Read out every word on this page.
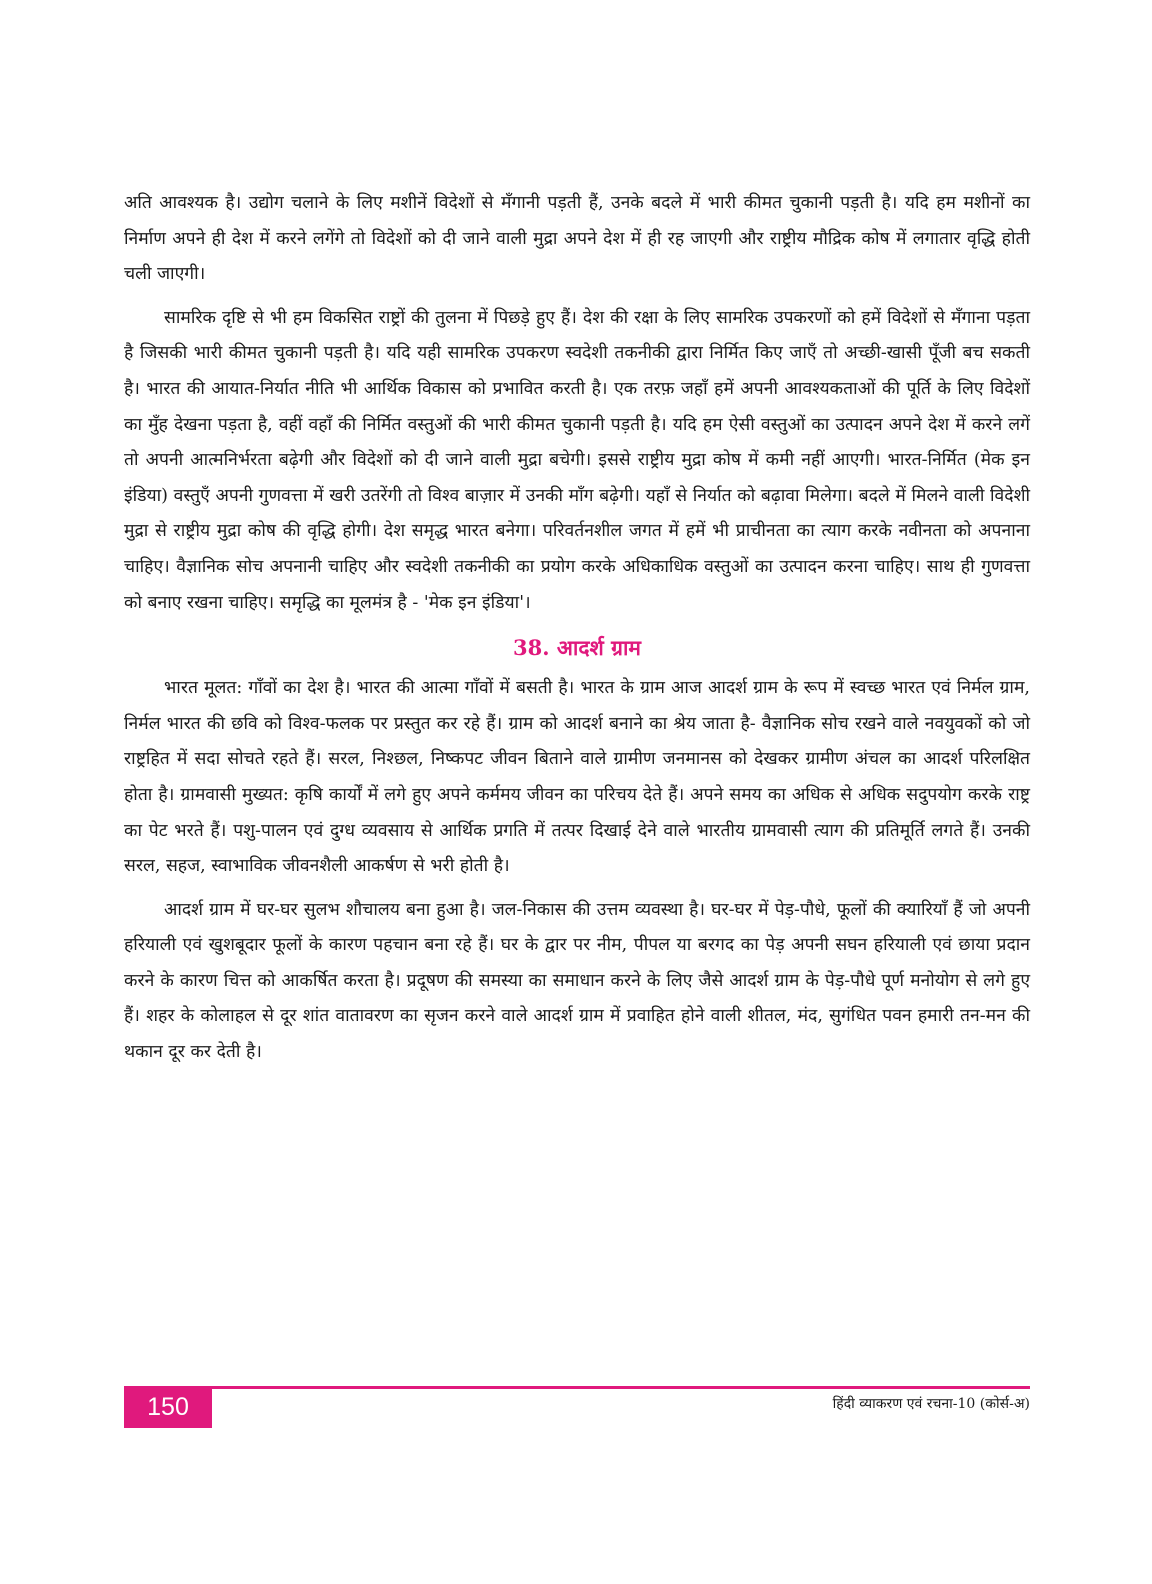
अति आवश्यक है। उद्योग चलाने के लिए मशीनें विदेशों से मँगानी पड़ती हैं, उनके बदले में भारी कीमत चुकानी पड़ती है। यदि हम मशीनों का निर्माण अपने ही देश में करने लगेंगे तो विदेशों को दी जाने वाली मुद्रा अपने देश में ही रह जाएगी और राष्ट्रीय मौद्रिक कोष में लगातार वृद्धि होती चली जाएगी।

सामरिक दृष्टि से भी हम विकसित राष्ट्रों की तुलना में पिछड़े हुए हैं। देश की रक्षा के लिए सामरिक उपकरणों को हमें विदेशों से मँगाना पड़ता है जिसकी भारी कीमत चुकानी पड़ती है। यदि यही सामरिक उपकरण स्वदेशी तकनीकी द्वारा निर्मित किए जाएँ तो अच्छी-खासी पूँजी बच सकती है। भारत की आयात-निर्यात नीति भी आर्थिक विकास को प्रभावित करती है। एक तरफ़ जहाँ हमें अपनी आवश्यकताओं की पूर्ति के लिए विदेशों का मुँह देखना पड़ता है, वहीं वहाँ की निर्मित वस्तुओं की भारी कीमत चुकानी पड़ती है। यदि हम ऐसी वस्तुओं का उत्पादन अपने देश में करने लगें तो अपनी आत्मनिर्भरता बढ़ेगी और विदेशों को दी जाने वाली मुद्रा बचेगी। इससे राष्ट्रीय मुद्रा कोष में कमी नहीं आएगी। भारत-निर्मित (मेक इन इंडिया) वस्तुएँ अपनी गुणवत्ता में खरी उतरेंगी तो विश्व बाज़ार में उनकी माँग बढ़ेगी। यहाँ से निर्यात को बढ़ावा मिलेगा। बदले में मिलने वाली विदेशी मुद्रा से राष्ट्रीय मुद्रा कोष की वृद्धि होगी। देश समृद्ध भारत बनेगा। परिवर्तनशील जगत में हमें भी प्राचीनता का त्याग करके नवीनता को अपनाना चाहिए। वैज्ञानिक सोच अपनानी चाहिए और स्वदेशी तकनीकी का प्रयोग करके अधिकाधिक वस्तुओं का उत्पादन करना चाहिए। साथ ही गुणवत्ता को बनाए रखना चाहिए। समृद्धि का मूलमंत्र है - 'मेक इन इंडिया'।

38. आदर्श ग्राम

भारत मूलत: गाँवों का देश है। भारत की आत्मा गाँवों में बसती है। भारत के ग्राम आज आदर्श ग्राम के रूप में स्वच्छ भारत एवं निर्मल ग्राम, निर्मल भारत की छवि को विश्व-फलक पर प्रस्तुत कर रहे हैं। ग्राम को आदर्श बनाने का श्रेय जाता है- वैज्ञानिक सोच रखने वाले नवयुवकों को जो राष्ट्रहित में सदा सोचते रहते हैं। सरल, निश्छल, निष्कपट जीवन बिताने वाले ग्रामीण जनमानस को देखकर ग्रामीण अंचल का आदर्श परिलक्षित होता है। ग्रामवासी मुख्यत: कृषि कार्यों में लगे हुए अपने कर्ममय जीवन का परिचय देते हैं। अपने समय का अधिक से अधिक सदुपयोग करके राष्ट्र का पेट भरते हैं। पशु-पालन एवं दुग्ध व्यवसाय से आर्थिक प्रगति में तत्पर दिखाई देने वाले भारतीय ग्रामवासी त्याग की प्रतिमूर्ति लगते हैं। उनकी सरल, सहज, स्वाभाविक जीवनशैली आकर्षण से भरी होती है।

आदर्श ग्राम में घर-घर सुलभ शौचालय बना हुआ है। जल-निकास की उत्तम व्यवस्था है। घर-घर में पेड़-पौधे, फूलों की क्यारियाँ हैं जो अपनी हरियाली एवं खुशबूदार फूलों के कारण पहचान बना रहे हैं। घर के द्वार पर नीम, पीपल या बरगद का पेड़ अपनी सघन हरियाली एवं छाया प्रदान करने के कारण चित्त को आकर्षित करता है। प्रदूषण की समस्या का समाधान करने के लिए जैसे आदर्श ग्राम के पेड़-पौधे पूर्ण मनोयोग से लगे हुए हैं। शहर के कोलाहल से दूर शांत वातावरण का सृजन करने वाले आदर्श ग्राम में प्रवाहित होने वाली शीतल, मंद, सुगंधित पवन हमारी तन-मन की थकान दूर कर देती है।

150	हिंदी व्याकरण एवं रचना-10 (कोर्स-अ)
